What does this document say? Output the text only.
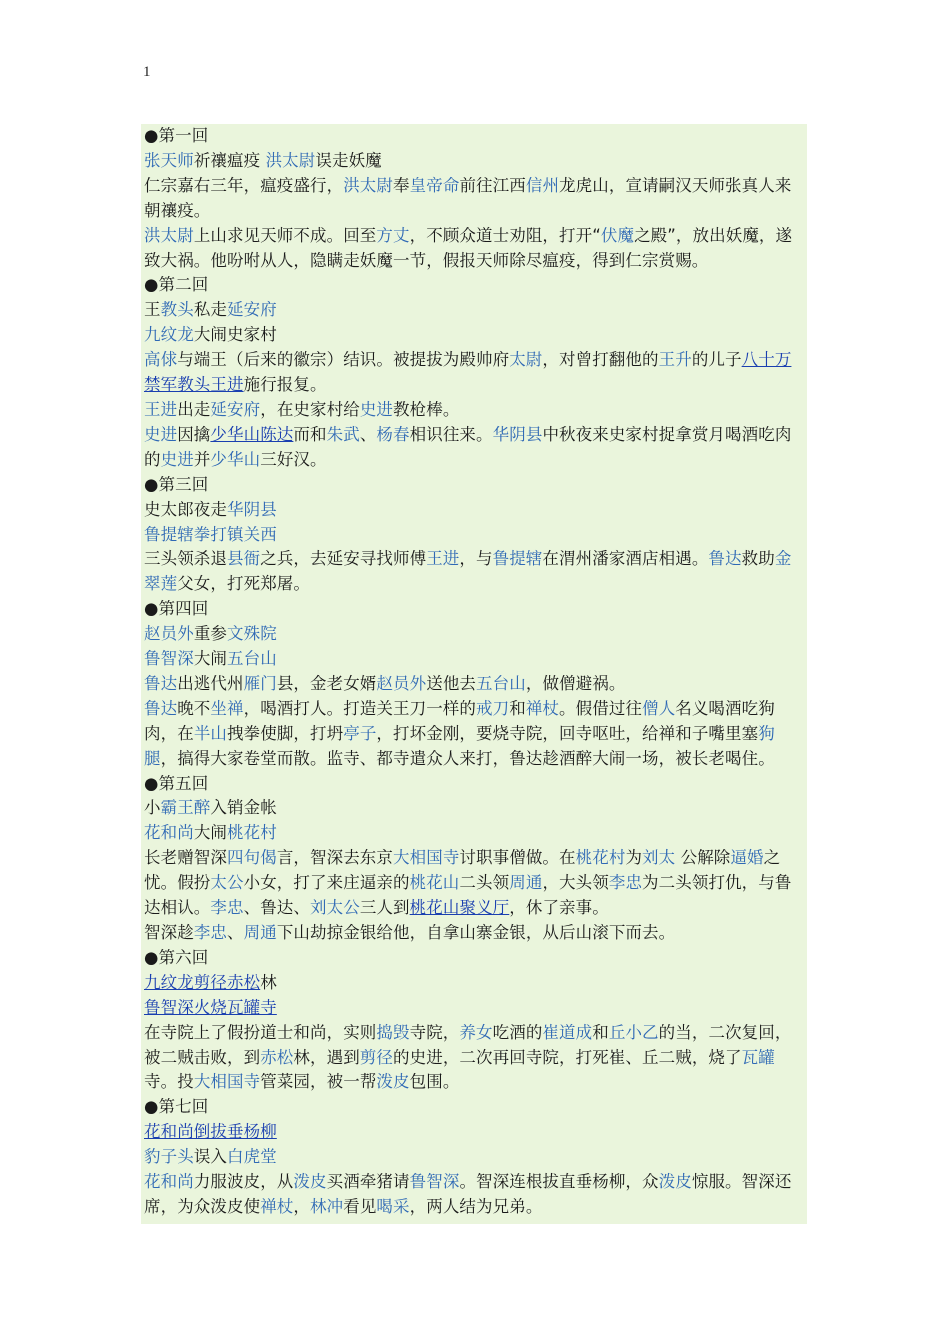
1
●第一回
张天师祈禳瘟疫 洪太尉误走妖魔
仁宗嘉右三年，瘟疫盛行，洪太尉奉皇帝命前往江西信州龙虎山，宣请嗣汉天师张真人来朝禳疫。
洪太尉上山求见天师不成。回至方丈，不顾众道士劝阻，打开“伏魔之殿”，放出妖魔，遂致大祸。他吩咐从人，隐瞒走妖魔一节，假报天师除尽瘟疫，得到仁宗赏赐。
●第二回
王教头私走延安府
九纹龙大闹史家村
高俅与端王（后来的徽宗）结识。被提拔为殿帅府太尉，对曾打翻他的王升的儿子八十万禁军教头王进施行报复。
王进出走延安府，在史家村给史进教枪棒。
史进因擒少华山陈达而和朱武、杨春相识往来。华阴县中秋夜来史家村捉拿赏月喝酒吃肉的史进并少华山三好汉。
●第三回
史太郎夜走华阴县
鲁提辖拳打镇关西
三头领杀退县衙之兵，去延安寻找师傅王进，与鲁提辖在渭州潘家酒店相遇。鲁达救助金翠莲父女，打死郑屠。
●第四回
赵员外重参文殊院
鲁智深大闹五台山
鲁达出逃代州雁门县，金老女婿赵员外送他去五台山，做僧避祸。
鲁达晚不坐禅，喝酒打人。打造关王刀一样的戒刀和禅杖。假借过往僧人名义喝酒吃狗肉，在半山拽拳使脚，打坍亭子，打坏金刚，要烧寺院，回寺呕吐，给禅和子嘴里塞狗腿，搞得大家卷堂而散。监寺、都寺遣众人来打，鲁达趁酒醉大闹一场，被长老喝住。
●第五回
小霸王醉入销金帐
花和尚大闹桃花村
长老赠智深四句偈言，智深去东京大相国寺讨职事僧做。在桃花村为刘太 公解除逼婚之忧。假扮太公小女，打了来庄逼亲的桃花山二头领周通，大头领李忠为二头领打仇，与鲁达相认。李忠、鲁达、刘太公三人到桃花山聚义厅，休了亲事。
智深趁李忠、周通下山劫掠金银给他，自拿山寨金银，从后山滚下而去。
●第六回
九纹龙剪径赤松林
鲁智深火烧瓦罐寺
在寺院上了假扮道士和尚，实则捣毁寺院，养女吃酒的崔道成和丘小乙的当，二次复回，被二贼击败，到赤松林，遇到剪径的史进，二次再回寺院，打死崔、丘二贼，烧了瓦罐寺。投大相国寺管菜园，被一帮泼皮包围。
●第七回
花和尚倒拔垂杨柳
豹子头误入白虎堂
花和尚力服波皮，从泼皮买酒牵猪请鲁智深。智深连根拔直垂杨柳，众泼皮惊服。智深还席，为众泼皮使禅杖，林冲看见喝采，两人结为兄弟。
